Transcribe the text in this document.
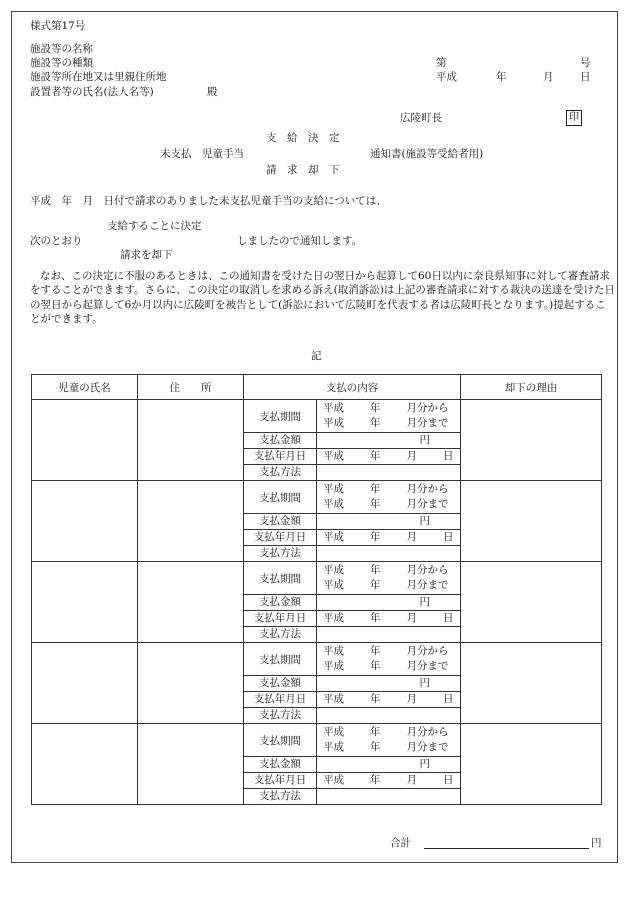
様式第17号
施設等の名称
施設等の種類
施設等所在地又は里親住所地
設置者等の氏名(法人名等)	殿
第	号
平成	年	月	日
広陵町長	印
支　給　決　定
未支払　児童手当	通知書(施設等受給者用)
請　求　却　下
平成　年　月　日付で請求のありました未支払児童手当の支給については、
支給することに決定
次のとおり	しましたので通知します。
請求を却下
なお、この決定に不服のあるときは、この通知書を受けた日の翌日から起算して60日以内に奈良県知事に対して審査請求をすることができます。さらに、この決定の取消しを求める訴え(取消訴訟)は上記の審査請求に対する裁決の送達を受けた日の翌日から起算して6か月以内に広陵町を被告として(訴訟において広陵町を代表する者は広陵町長となります。)提起することができます。
記
児童の氏名	住　　所	支払の内容		却下の理由
		支払期間	平成 年 月分から
平成 年 月分まで	

		支払金額	円	
		支払年月日	平成 年 月 日	
		支払方法		
		支払期間	平成 年 月分から
平成 年 月分まで	

		支払金額	円	
		支払年月日	平成 年 月 日	
		支払方法		
		支払期間	平成 年 月分から
平成 年 月分まで	

		支払金額	円	
		支払年月日	平成 年 月 日	
		支払方法		
		支払期間	平成 年 月分から
平成 年 月分まで	

		支払金額	円	
		支払年月日	平成 年 月 日	
		支払方法		
		支払期間	平成 年 月分から
平成 年 月分まで	

		支払金額	円	
		支払年月日	平成 年 月 日	
		支払方法		
合計	円
